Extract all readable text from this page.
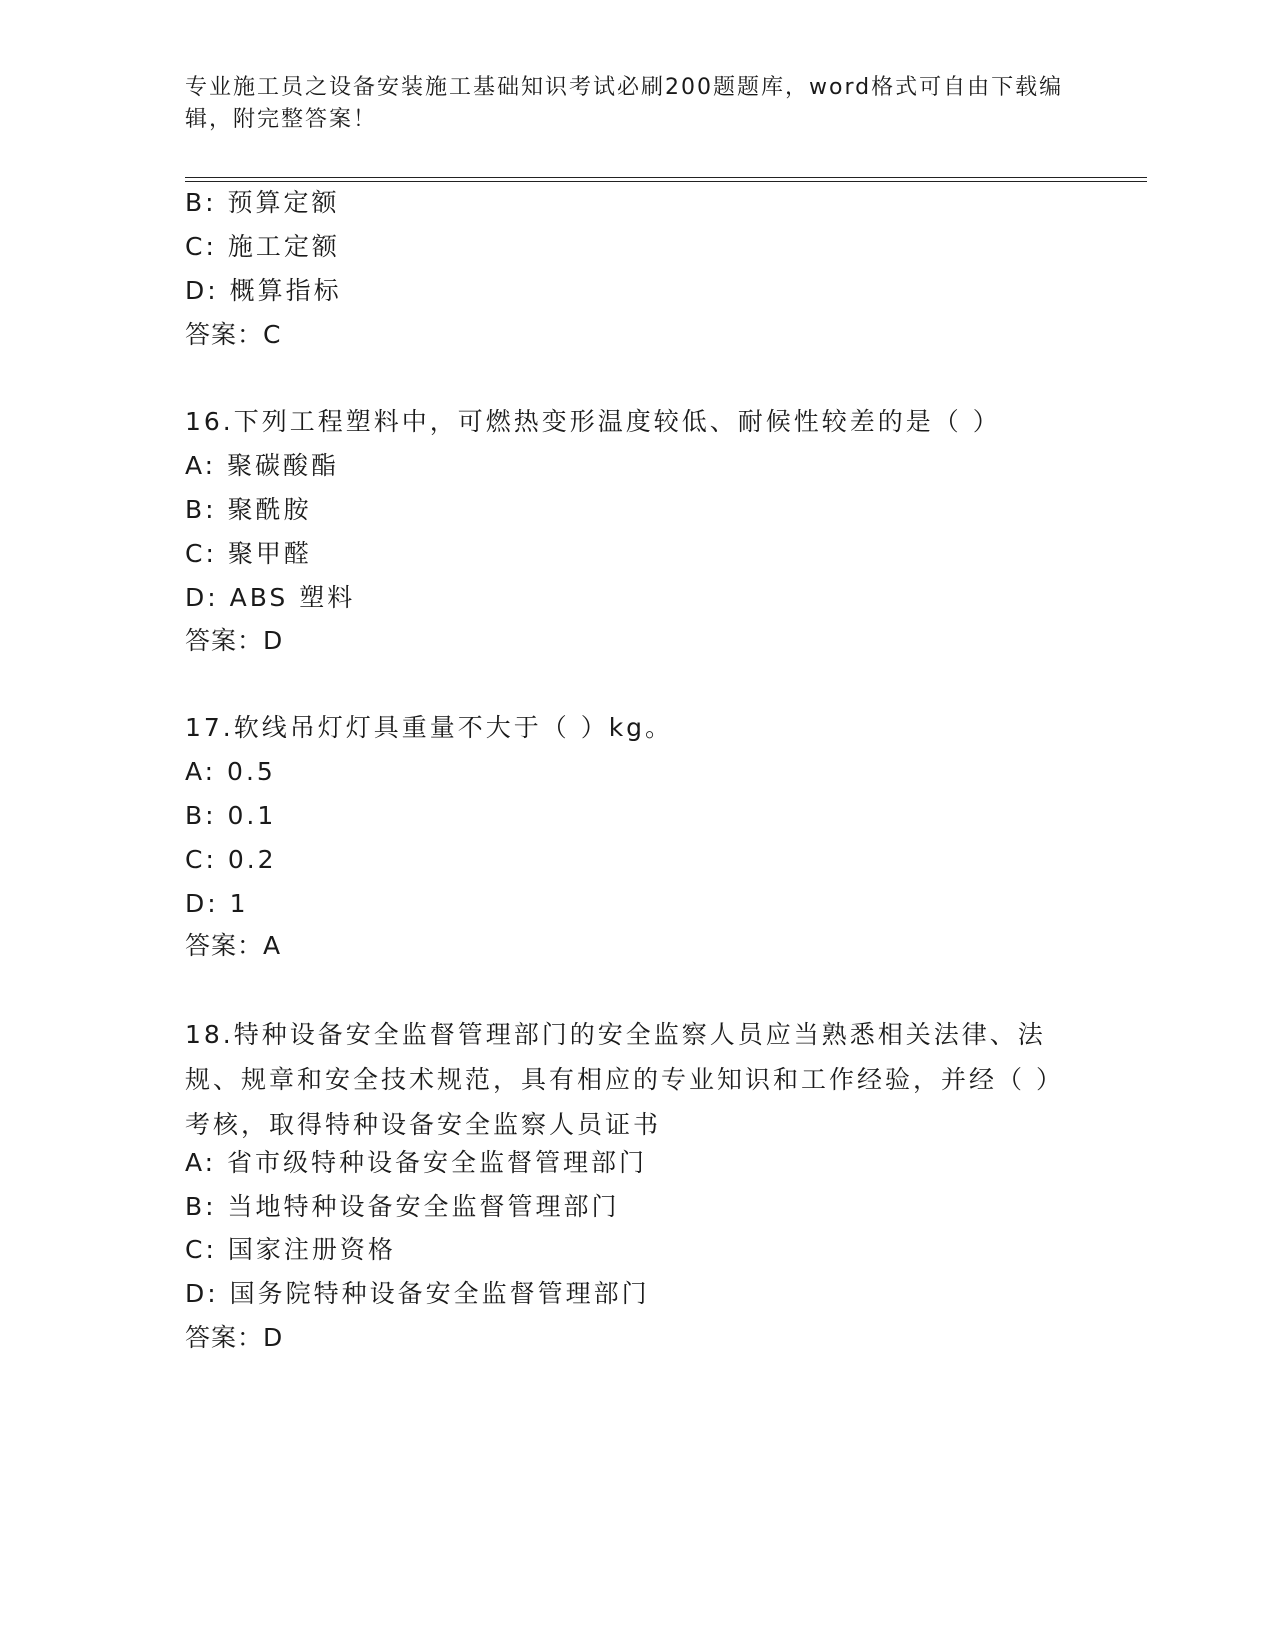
专业施工员之设备安装施工基础知识考试必刷200题题库，word格式可自由下载编辑，附完整答案！
B: 预算定额
C: 施工定额
D: 概算指标
答案：C
16.下列工程塑料中，可燃热变形温度较低、耐候性较差的是（ ）
A: 聚碳酸酯
B: 聚酰胺
C: 聚甲醛
D: ABS 塑料
答案：D
17.软线吊灯灯具重量不大于（ ）kg。
A: 0.5
B: 0.1
C: 0.2
D: 1
答案：A
18.特种设备安全监督管理部门的安全监察人员应当熟悉相关法律、法规、规章和安全技术规范，具有相应的专业知识和工作经验，并经（ ）考核，取得特种设备安全监察人员证书
A: 省市级特种设备安全监督管理部门
B: 当地特种设备安全监督管理部门
C: 国家注册资格
D: 国务院特种设备安全监督管理部门
答案：D
